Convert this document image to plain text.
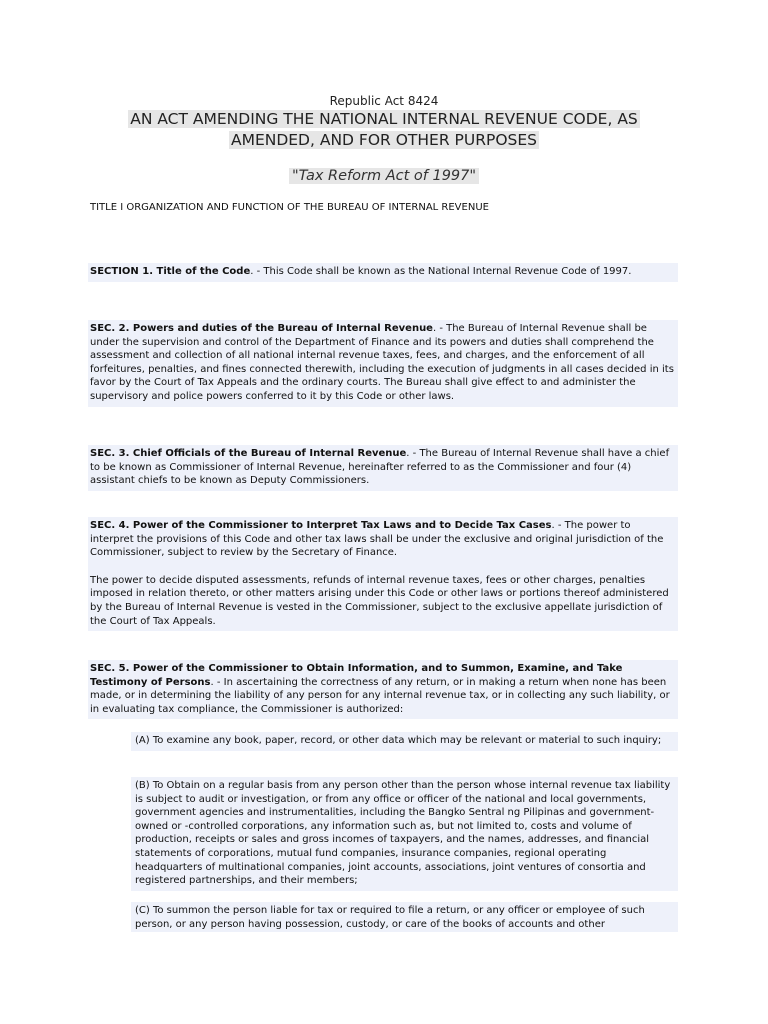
Republic Act 8424
AN ACT AMENDING THE NATIONAL INTERNAL REVENUE CODE, AS AMENDED, AND FOR OTHER PURPOSES
"Tax Reform Act of 1997"
TITLE I ORGANIZATION AND FUNCTION OF THE BUREAU OF INTERNAL REVENUE

SECTION 1. Title of the Code. - This Code shall be known as the National Internal Revenue Code of 1997.

SEC. 2. Powers and duties of the Bureau of Internal Revenue. - The Bureau of Internal Revenue shall be under the supervision and control of the Department of Finance and its powers and duties shall comprehend the assessment and collection of all national internal revenue taxes, fees, and charges, and the enforcement of all forfeitures, penalties, and fines connected therewith, including the execution of judgments in all cases decided in its favor by the Court of Tax Appeals and the ordinary courts. The Bureau shall give effect to and administer the supervisory and police powers conferred to it by this Code or other laws.

SEC. 3. Chief Officials of the Bureau of Internal Revenue. - The Bureau of Internal Revenue shall have a chief to be known as Commissioner of Internal Revenue, hereinafter referred to as the Commissioner and four (4) assistant chiefs to be known as Deputy Commissioners.

SEC. 4. Power of the Commissioner to Interpret Tax Laws and to Decide Tax Cases. - The power to interpret the provisions of this Code and other tax laws shall be under the exclusive and original jurisdiction of the Commissioner, subject to review by the Secretary of Finance.

The power to decide disputed assessments, refunds of internal revenue taxes, fees or other charges, penalties imposed in relation thereto, or other matters arising under this Code or other laws or portions thereof administered by the Bureau of Internal Revenue is vested in the Commissioner, subject to the exclusive appellate jurisdiction of the Court of Tax Appeals.

SEC. 5. Power of the Commissioner to Obtain Information, and to Summon, Examine, and Take Testimony of Persons. - In ascertaining the correctness of any return, or in making a return when none has been made, or in determining the liability of any person for any internal revenue tax, or in collecting any such liability, or in evaluating tax compliance, the Commissioner is authorized:

(A) To examine any book, paper, record, or other data which may be relevant or material to such inquiry;

(B) To Obtain on a regular basis from any person other than the person whose internal revenue tax liability is subject to audit or investigation, or from any office or officer of the national and local governments, government agencies and instrumentalities, including the Bangko Sentral ng Pilipinas and government-owned or -controlled corporations, any information such as, but not limited to, costs and volume of production, receipts or sales and gross incomes of taxpayers, and the names, addresses, and financial statements of corporations, mutual fund companies, insurance companies, regional operating headquarters of multinational companies, joint accounts, associations, joint ventures of consortia and registered partnerships, and their members;

(C) To summon the person liable for tax or required to file a return, or any officer or employee of such person, or any person having possession, custody, or care of the books of accounts and other
